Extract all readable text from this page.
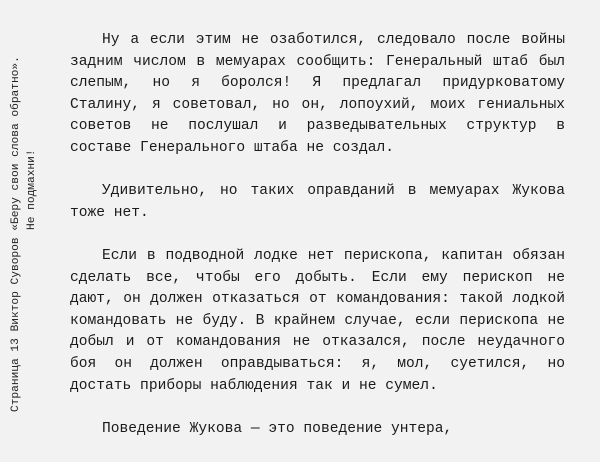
Страница 13 Виктор Суворов «Беру свои слова обратно». Не подмахни!

Ну а если этим не озаботился, следовало после войны задним числом в мемуарах сообщить: Генеральный штаб был слепым, но я боролся! Я предлагал придурковатому Сталину, я советовал, но он, лопоухий, моих гениальных советов не послушал и разведывательных структур в составе Генерального штаба не создал.

Удивительно, но таких оправданий в мемуарах Жукова тоже нет.

Если в подводной лодке нет перископа, капитан обязан сделать все, чтобы его добыть. Если ему перископ не дают, он должен отказаться от командования: такой лодкой командовать не буду. В крайнем случае, если перископа не добыл и от командования не отказался, после неудачного боя он должен оправдываться: я, мол, суетился, но достать приборы наблюдения так и не сумел.

Поведение Жукова — это поведение унтера,
